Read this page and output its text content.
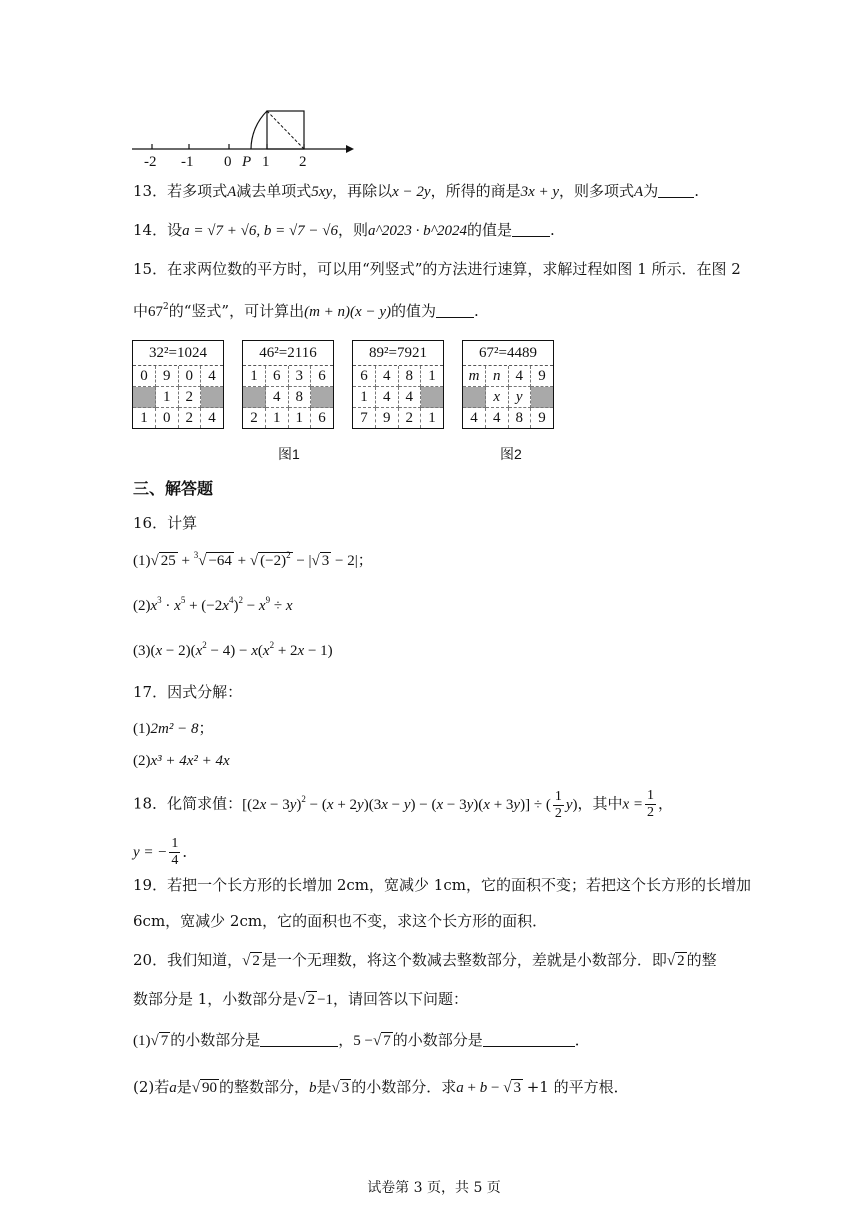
-2 -1 0 P 1 2
13．若多项式A减去单项式5xy，再除以x − 2y，所得的商是3x + y，则多项式A为 .
14．设a = √7 + √6, b = √7 − √6，则a^2023 · b^2024的值是	.
15．在求两位数的平方时，可以用“列竖式”的方法进行速算，求解过程如图 1 所示．在图 2
中$67^2$的“竖式”，可计算出(m + n)(x − y)的值为	.
32²=1024
0	9	0	4
	1	2	
1	0	2	4
46²=2116
1	6	3	6
	4	8	
2	1	1	6
89²=7921
6	4	8	1
1	4	4	
7	9	2	1
67²=4489
m	n	4	9
	x	y	
4	4	8	9
图1	图2
三、解答题
16．计算
(1)√ 25 + $^3$√ −64 + √ $(-2)^2$ − |√ 3 − 2|；
$(2)x^3 \cdot x^5 + (-2x^4)^2 - x^9 \div x$
$(3)(x - 2)(x^2 - 4) - x(x^2 + 2x - 1)$
17．因式分解：
(1)2m² − 8；
(2)x³ + 4x² + 4x
18．化简求值：$[(2x - 3y)^2 - (x + 2y)(3x - y) - (x - 3y)(x + 3y)]$ ÷ ( $\frac{1}{2} y$)，其中$x = \frac{1}{2}$ ，
y = − $\frac{1}{4}$ ．
19．若把一个长方形的长增加 2cm，宽减少 1cm，它的面积不变；若把这个长方形的长增加
6cm，宽减少 2cm，它的面积也不变，求这个长方形的面积．
20．我们知道，√ 2 是一个无理数，将这个数减去整数部分，差就是小数部分．即√ 2 的整
数部分是 1，小数部分是√ 2 −1，请回答以下问题：
(1)√ 7 的小数部分是	，5 −√ 7 的小数部分是	．
(2)若a是√ 90 的整数部分，b是√ 3 的小数部分．求a + b − √ 3 +1 的平方根．
试卷第 3 页，共 5 页
